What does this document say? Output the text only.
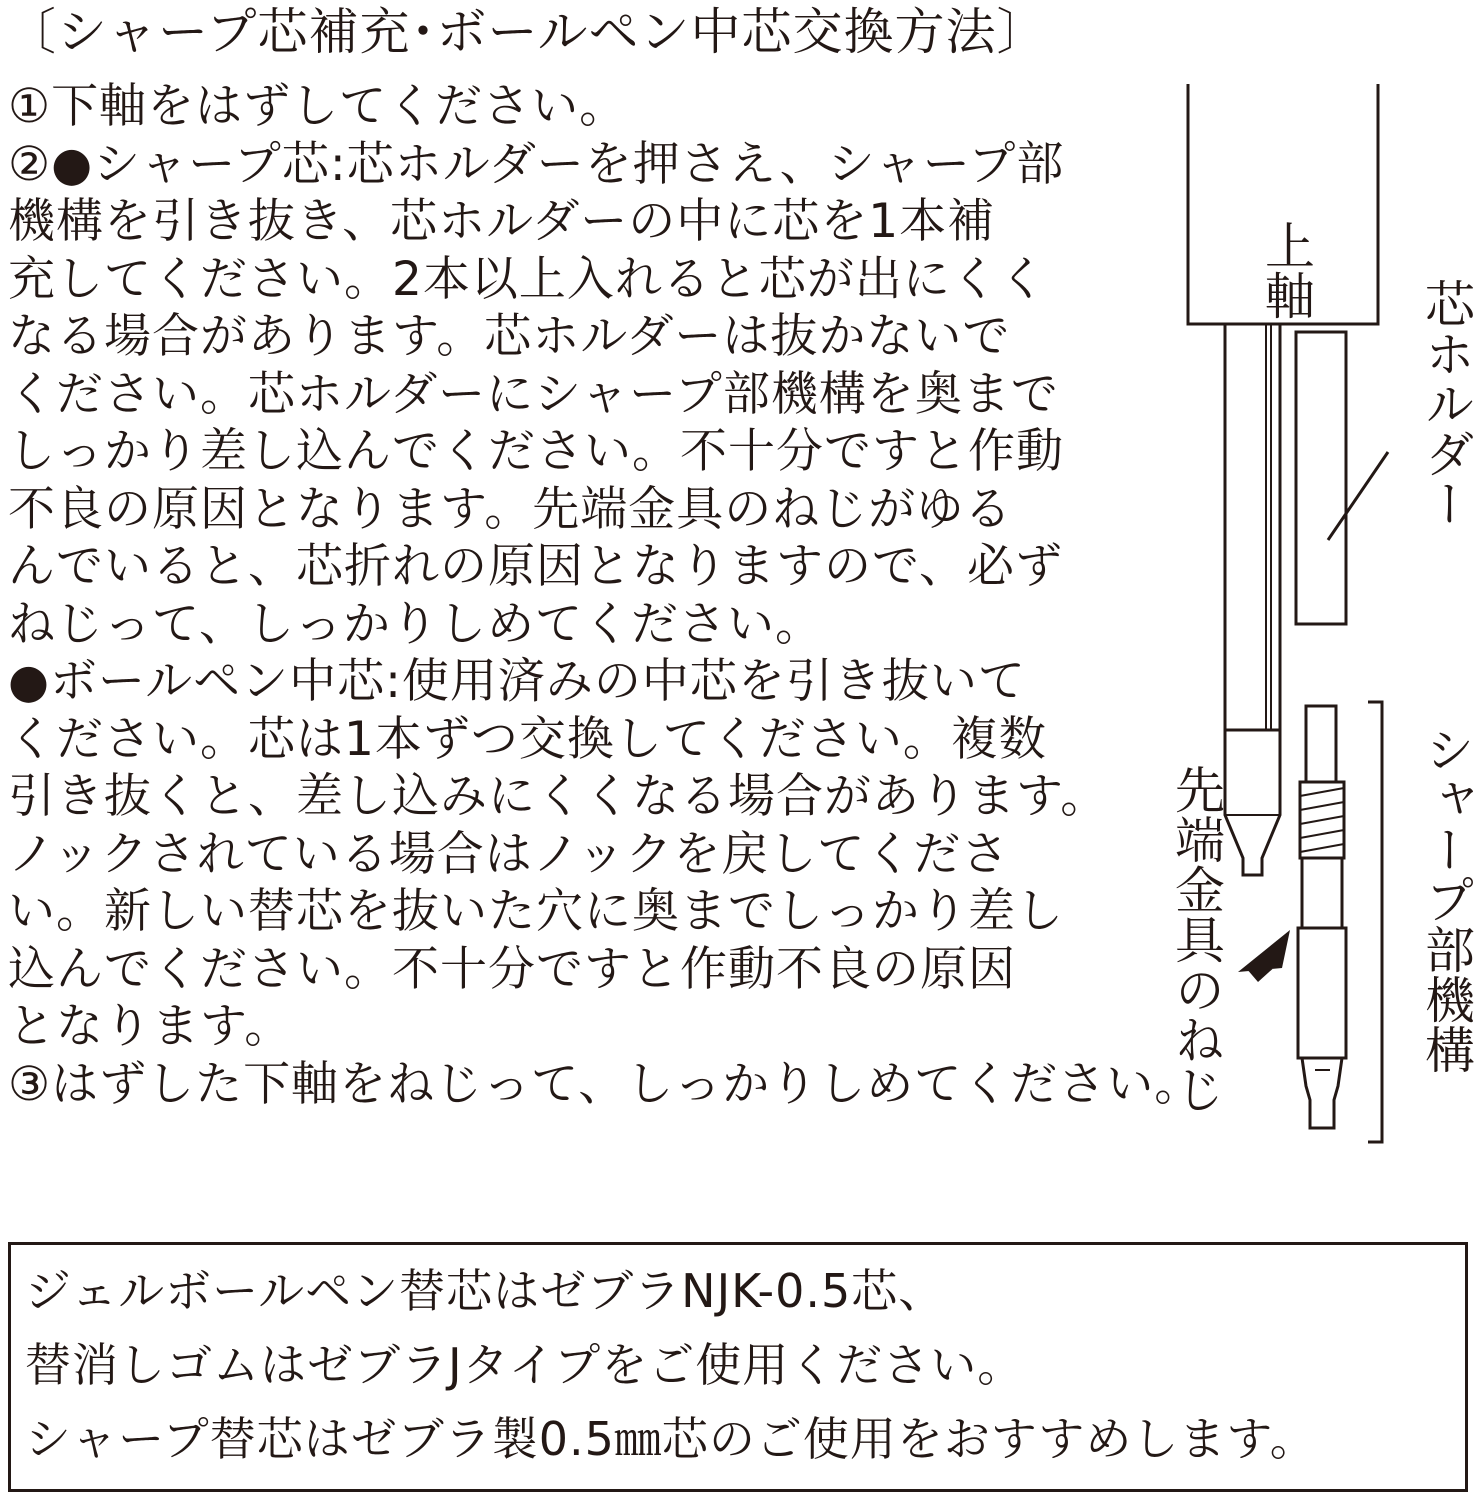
〔シャープ芯補充･ボールペン中芯交換方法〕
①下軸をはずしてください。
②●シャープ芯:芯ホルダーを押さえ、シャープ部
機構を引き抜き、芯ホルダーの中に芯を1本補
充してください。2本以上入れると芯が出にくく
なる場合があります。芯ホルダーは抜かないで
ください。芯ホルダーにシャープ部機構を奥まで
しっかり差し込んでください。不十分ですと作動
不良の原因となります。先端金具のねじがゆる
んでいると、芯折れの原因となりますので、必ず
ねじって、しっかりしめてください。
●ボールペン中芯:使用済みの中芯を引き抜いて
ください。芯は1本ずつ交換してください。複数
引き抜くと、差し込みにくくなる場合があります。
ノックされている場合はノックを戻してくださ
い。新しい替芯を抜いた穴に奥までしっかり差し
込んでください。不十分ですと作動不良の原因
となります。
③はずした下軸をねじって、しっかりしめてください。
上軸
芯ホルダー
先端金具のねじ	シャープ部機構
ジェルボールペン替芯はゼブラNJK-0.5芯、
替消しゴムはゼブラJタイプをご使用ください。
シャープ替芯はゼブラ製0.5㎜芯のご使用をおすすめします。
